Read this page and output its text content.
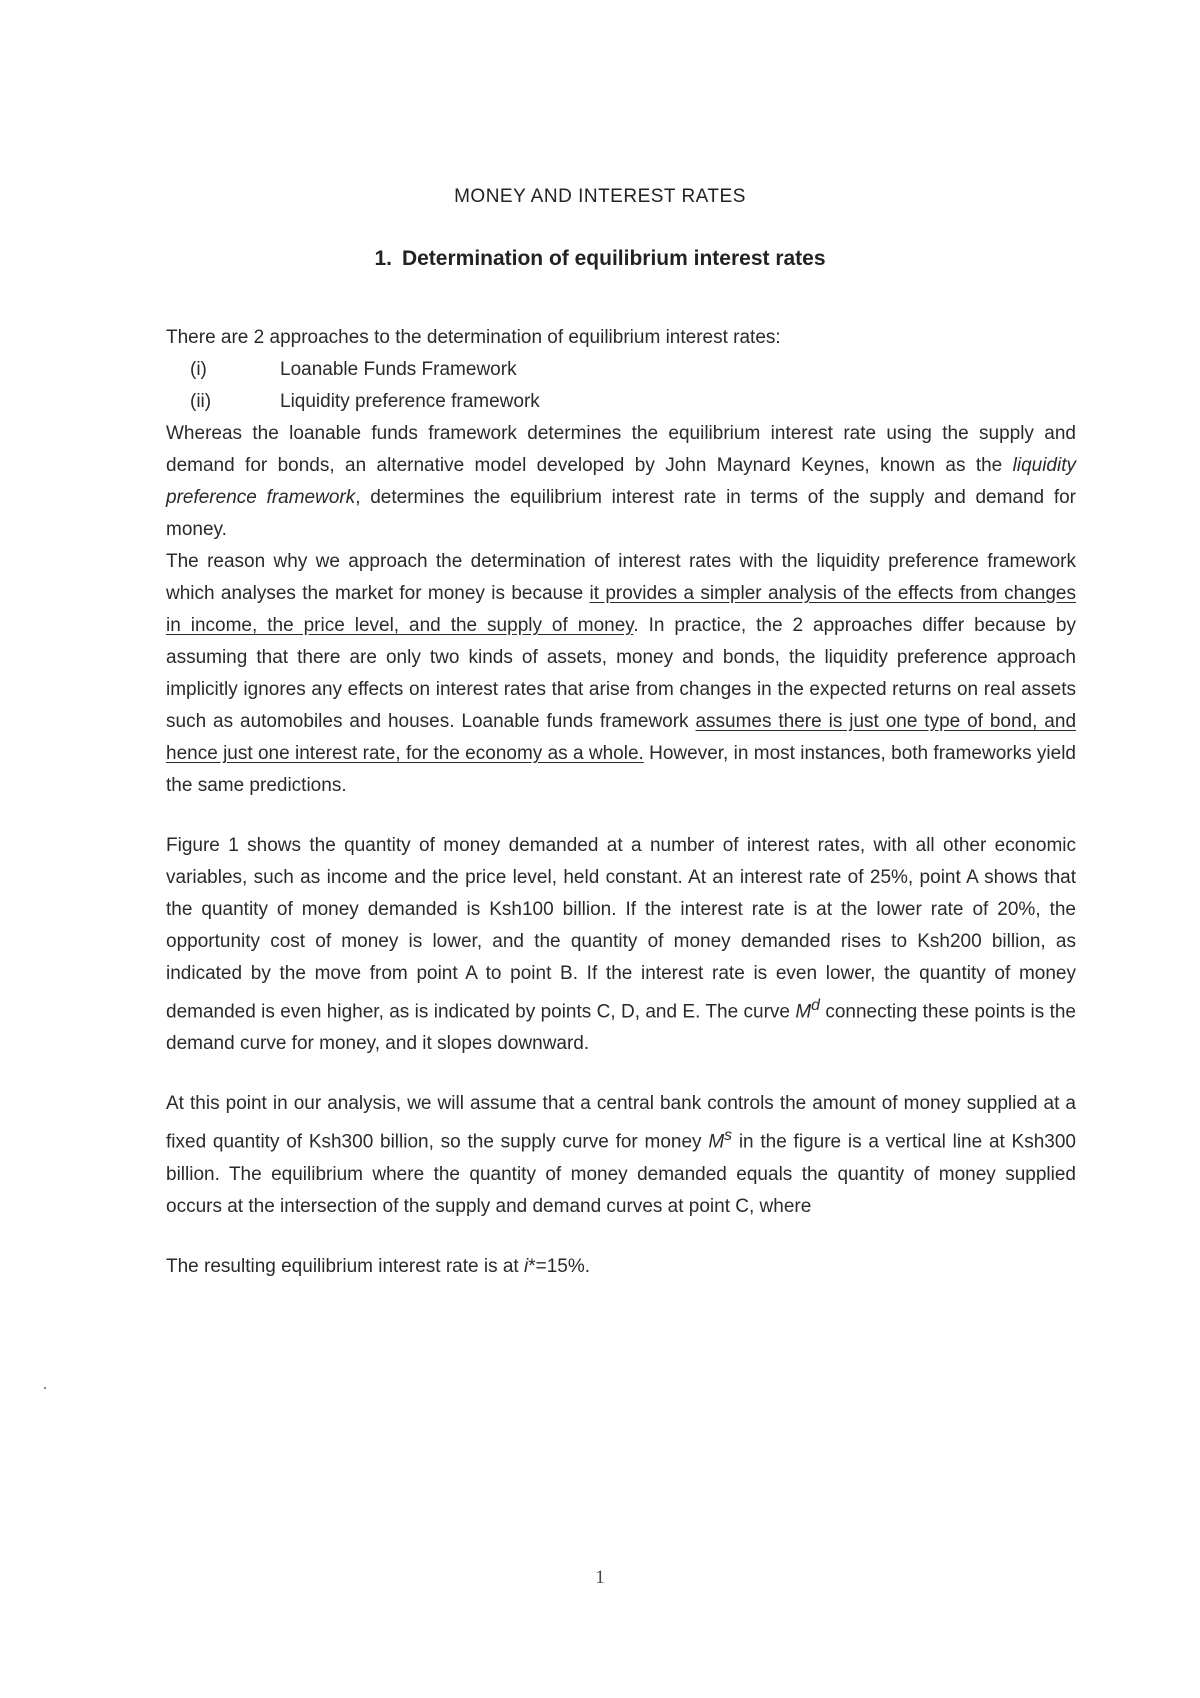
MONEY AND INTEREST RATES
1. Determination of equilibrium interest rates

There are 2 approaches to the determination of equilibrium interest rates:

(i)	Loanable Funds Framework
(ii)	Liquidity preference framework

Whereas the loanable funds framework determines the equilibrium interest rate using the supply and demand for bonds, an alternative model developed by John Maynard Keynes, known as the liquidity preference framework, determines the equilibrium interest rate in terms of the supply and demand for money.

The reason why we approach the determination of interest rates with the liquidity preference framework which analyses the market for money is because it provides a simpler analysis of the effects from changes in income, the price level, and the supply of money. In practice, the 2 approaches differ because by assuming that there are only two kinds of assets, money and bonds, the liquidity preference approach implicitly ignores any effects on interest rates that arise from changes in the expected returns on real assets such as automobiles and houses. Loanable funds framework assumes there is just one type of bond, and hence just one interest rate, for the economy as a whole. However, in most instances, both frameworks yield the same predictions.

Figure 1 shows the quantity of money demanded at a number of interest rates, with all other economic variables, such as income and the price level, held constant. At an interest rate of 25%, point A shows that the quantity of money demanded is Ksh100 billion. If the interest rate is at the lower rate of 20%, the opportunity cost of money is lower, and the quantity of money demanded rises to Ksh200 billion, as indicated by the move from point A to point B. If the interest rate is even lower, the quantity of money demanded is even higher, as is indicated by points C, D, and E. The curve $M^d$ connecting these points is the demand curve for money, and it slopes downward.

At this point in our analysis, we will assume that a central bank controls the amount of money supplied at a fixed quantity of Ksh300 billion, so the supply curve for money $M^s$ in the figure is a vertical line at Ksh300 billion. The equilibrium where the quantity of money demanded equals the quantity of money supplied occurs at the intersection of the supply and demand curves at point C, where

The resulting equilibrium interest rate is at i*=15%.

1
